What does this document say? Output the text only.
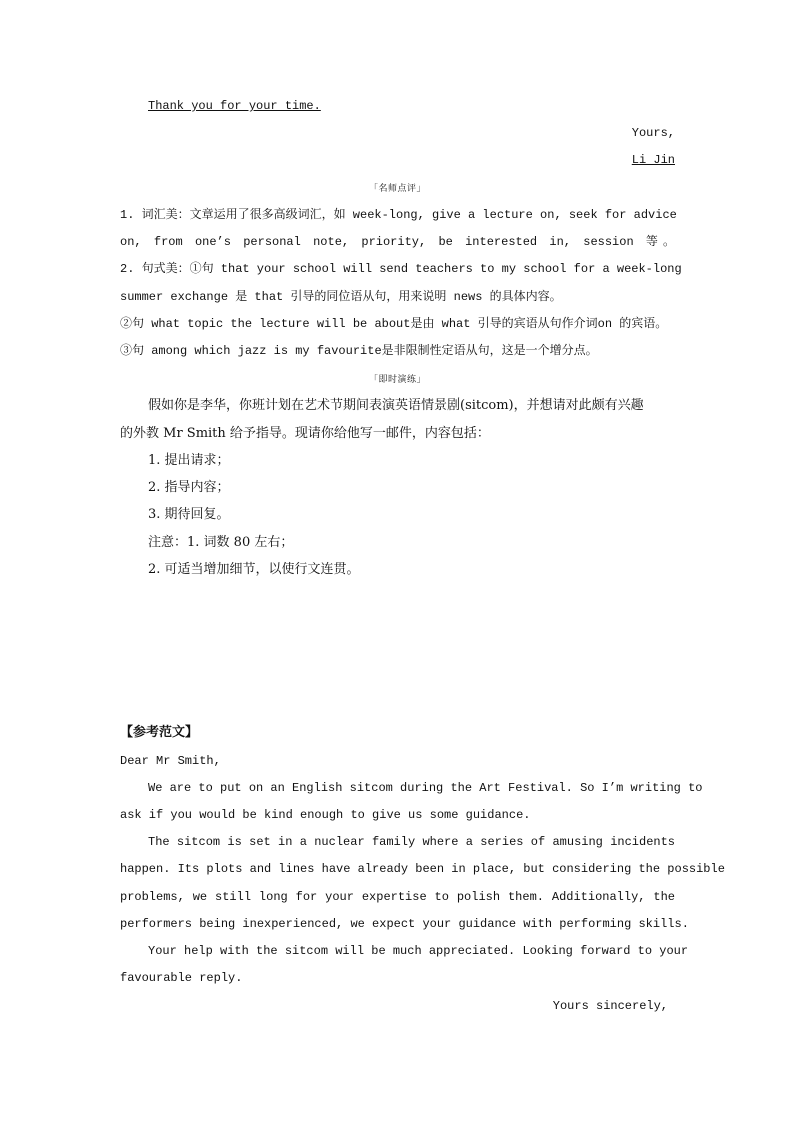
Thank you for your time.
Yours,
Li Jin
「名师点评」
1. 词汇美：文章运用了很多高级词汇，如 week-long, give a lecture on, seek for advice
on, from one’s personal note, priority, be interested in, session 等。
2. 句式美：①句 that your school will send teachers to my school for a week-long
summer exchange 是 that 引导的同位语从句，用来说明 news 的具体内容。
②句 what topic the lecture will be about是由 what 引导的宾语从句作介词on 的宾语。
③句 among which jazz is my favourite是非限制性定语从句，这是一个增分点。
「即时演练」
假如你是李华，你班计划在艺术节期间表演英语情景剧(sitcom)，并想请对此颇有兴趣
的外教 Mr Smith 给予指导。现请你给他写一邮件，内容包括：
1. 提出请求；
2. 指导内容；
3. 期待回复。
注意：1. 词数 80 左右；
2. 可适当增加细节，以使行文连贯。
【参考范文】
Dear Mr Smith,
We are to put on an English sitcom during the Art Festival. So I’m writing to
ask if you would be kind enough to give us some guidance.
The sitcom is set in a nuclear family where a series of amusing incidents
happen. Its plots and lines have already been in place, but considering the possible
problems, we still long for your expertise to polish them. Additionally, the
performers being inexperienced, we expect your guidance with performing skills.
Your help with the sitcom will be much appreciated. Looking forward to your
favourable reply.
Yours sincerely,
